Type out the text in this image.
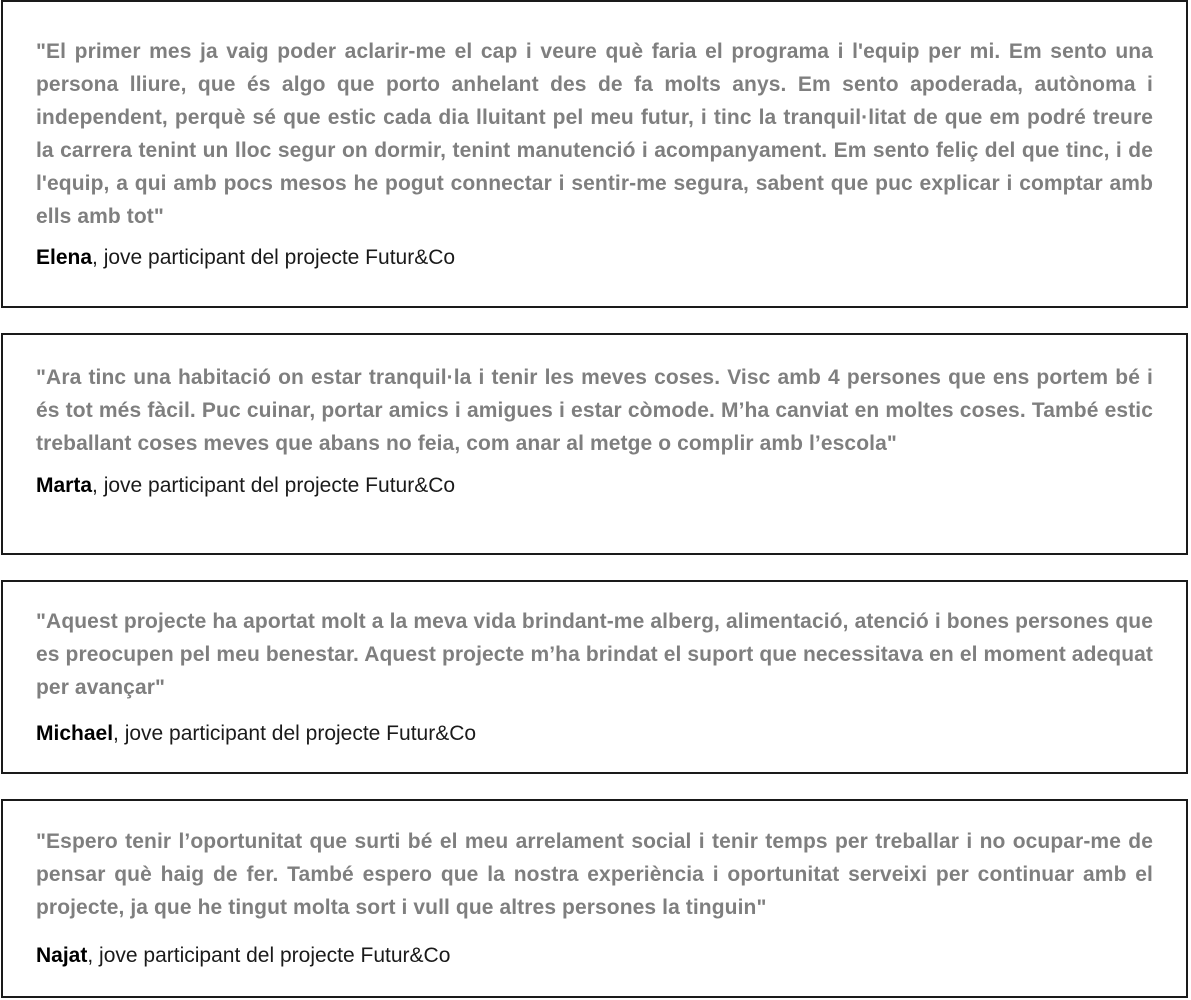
"El primer mes ja vaig poder aclarir-me el cap i veure què faria el programa i l'equip per mi. Em sento una persona lliure, que és algo que porto anhelant des de fa molts anys. Em sento apoderada, autònoma i independent, perquè sé que estic cada dia lluitant pel meu futur, i tinc la tranquil·litat de que em podré treure la carrera tenint un lloc segur on dormir, tenint manutenció i acompanyament. Em sento feliç del que tinc, i de l'equip, a qui amb pocs mesos he pogut connectar i sentir-me segura, sabent que puc explicar i comptar amb ells amb tot"

Elena, jove participant del projecte Futur&Co

"Ara tinc una habitació on estar tranquil·la i tenir les meves coses. Visc amb 4 persones que ens portem bé i és tot més fàcil. Puc cuinar, portar amics i amigues i estar còmode. M’ha canviat en moltes coses. També estic treballant coses meves que abans no feia, com anar al metge o complir amb l’escola"

Marta, jove participant del projecte Futur&Co

"Aquest projecte ha aportat molt a la meva vida brindant-me alberg, alimentació, atenció i bones persones que es preocupen pel meu benestar. Aquest projecte m’ha brindat el suport que necessitava en el moment adequat per avançar"

Michael, jove participant del projecte Futur&Co

"Espero tenir l’oportunitat que surti bé el meu arrelament social i tenir temps per treballar i no ocupar-me de pensar què haig de fer. També espero que la nostra experiència i oportunitat serveixi per continuar amb el projecte, ja que he tingut molta sort i vull que altres persones la tinguin"

Najat, jove participant del projecte Futur&Co
